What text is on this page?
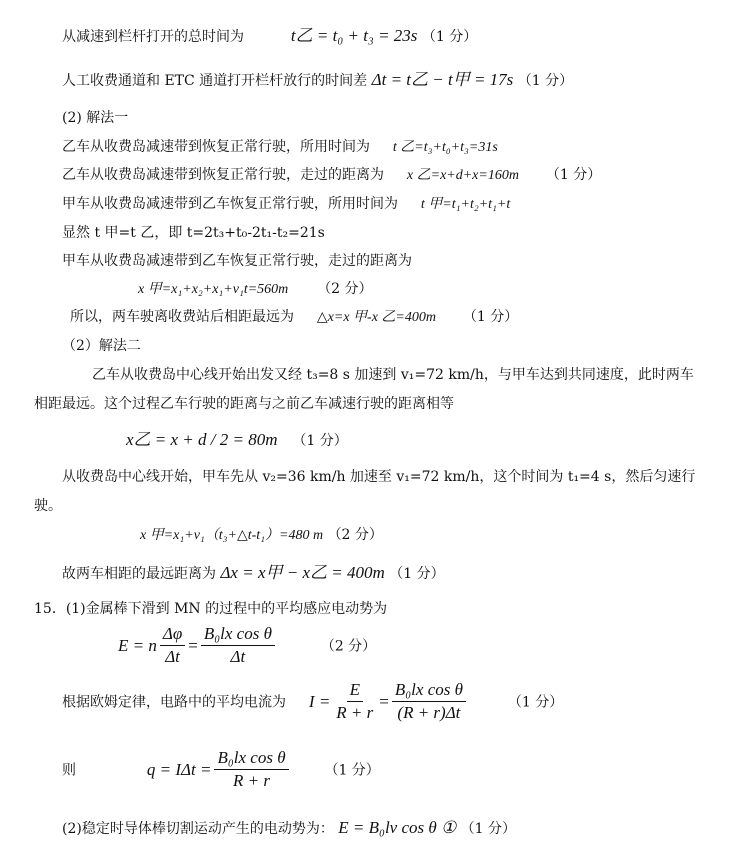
从减速到栏杆打开的总时间为	t乙 = t₀ + t₃ = 23s （1 分）
人工收费通道和 ETC 通道打开栏杆放行的时间差 Δt = t乙 − t甲 = 17s （1 分）
(2) 解法一
乙车从收费岛减速带到恢复正常行驶，所用时间为 t 乙=t₃+t₀+t₃=31s
乙车从收费岛减速带到恢复正常行驶，走过的距离为 x 乙=x+d+x=160m （1 分）
甲车从收费岛减速带到乙车恢复正常行驶，所用时间为 t 甲=t₁+t₂+t₁+t
显然 t 甲=t 乙，即 t=2t₃+t₀-2t₁-t₂=21s
甲车从收费岛减速带到乙车恢复正常行驶，走过的距离为
x 甲=x₁+x₂+x₁+v₁t=560m （2 分）
所以，两车驶离收费站后相距最远为 △x=x 甲-x 乙=400m （1 分）
（2）解法二
乙车从收费岛中心线开始出发又经 t₃=8 s 加速到 v₁=72 km/h，与甲车达到共同速度，此时两车
相距最远。这个过程乙车行驶的距离与之前乙车减速行驶的距离相等
x乙 = x + d / 2 = 80m （1 分）
从收费岛中心线开始，甲车先从 v₂=36 km/h 加速至 v₁=72 km/h，这个时间为 t₁=4 s，然后匀速行
驶。
x 甲=x₁+v₁（t₃+△t-t₁）=480 m （2 分）
故两车相距的最远距离为 Δx = x甲 − x乙 = 400m （1 分）
15．(1)金属棒下滑到 MN 的过程中的平均感应电动势为
E = n $\frac{\Delta\varphi}{\Delta t} = \frac{\text{B₀lx cos θ}}{\Delta t}$	（2 分）
根据欧姆定律，电路中的平均电流为 $I = \frac{E}{R + r} = \frac{\text{B₀lx cos θ}}{(R + r)\Delta t}$	（1 分）
则	$q = I\Delta t = \frac{\text{B₀lx cos θ}}{R + r}$	（1 分）
(2)稳定时导体棒切割运动产生的电动势为： E = B₀lv cos θ ① （1 分）
